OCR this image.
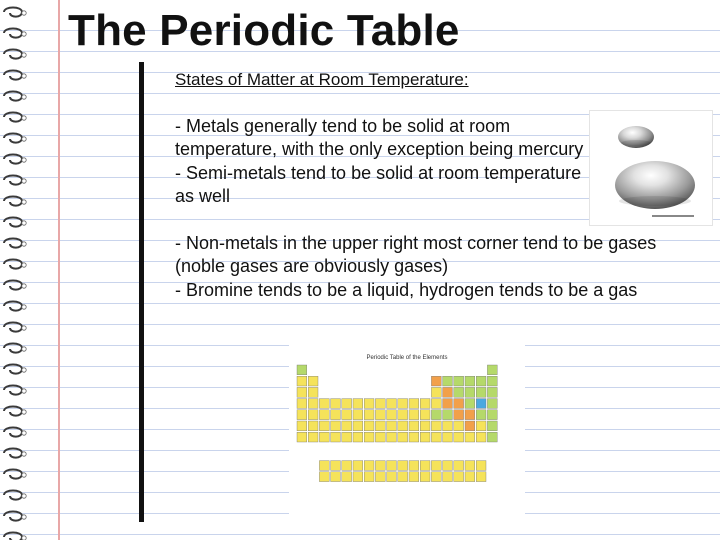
The Periodic Table

States of Matter at Room Temperature:

- Metals generally tend to be solid at room temperature, with the only exception being mercury

- Semi-metals tend to be solid at room temperature as well

- Non-metals in the upper right most corner tend to be gases (noble gases are obviously gases)

- Bromine tends to be a liquid, hydrogen tends to be a gas

Periodic Table of the Elements
